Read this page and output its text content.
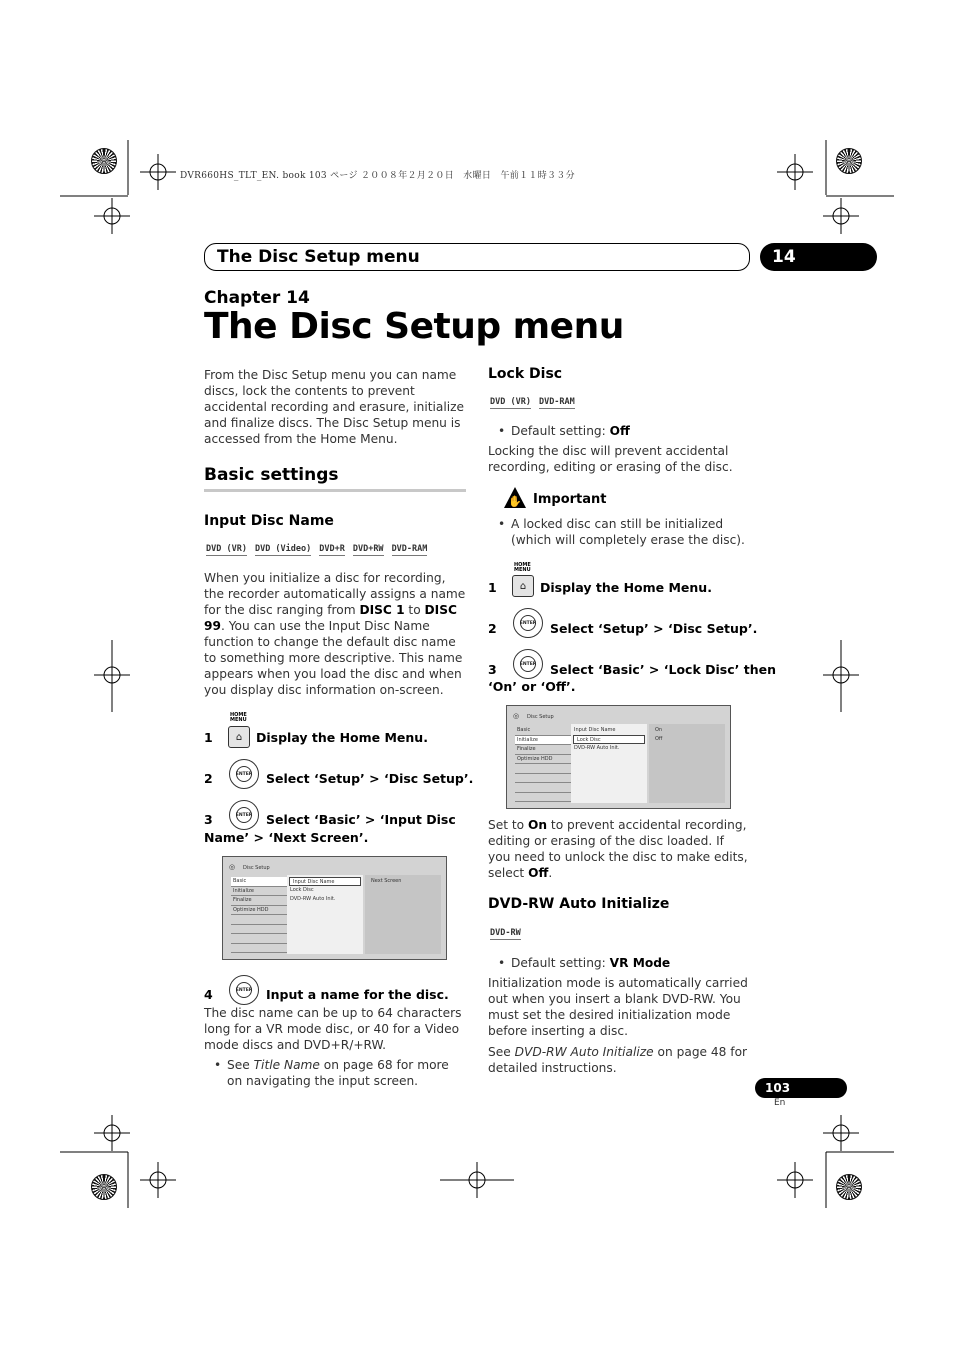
DVR660HS_TLT_EN. book 103 ページ ２００８年２月２０日　水曜日　午前１１時３３分
The Disc Setup menu	14
Chapter 14
The Disc Setup menu
From the Disc Setup menu you can name discs, lock the contents to prevent accidental recording and erasure, initialize and finalize discs. The Disc Setup menu is accessed from the Home Menu.
Basic settings
Input Disc Name
DVD (VR) DVD (Video) DVD+R DVD+RW DVD-RAM
When you initialize a disc for recording, the recorder automatically assigns a name for the disc ranging from DISC 1 to DISC 99. You can use the Input Disc Name function to change the default disc name to something more descriptive. This name appears when you load the disc and when you display disc information on-screen.
HOME MENU
⌂
1	Display the Home Menu.
ENTER
2	Select ‘Setup’ > ‘Disc Setup’.
ENTER
3	Select ‘Basic’ > ‘Input Disc
Name’ > ‘Next Screen’.
◎ Disc Setup
Basic
Initialize
Finalize
Optimize HDD
Input Disc Name
Lock Disc
DVD-RW Auto Init.
Next Screen
ENTER
4	Input a name for the disc.
The disc name can be up to 64 characters long for a VR mode disc, or 40 for a Video mode discs and DVD+R/+RW.
• See Title Name on page 68 for more on navigating the input screen.
Lock Disc
DVD (VR) DVD-RAM
• Default setting: Off
Locking the disc will prevent accidental recording, editing or erasing of the disc.
✋ Important
• A locked disc can still be initialized (which will completely erase the disc).
HOME MENU
⌂
1	Display the Home Menu.
ENTER
2	Select ‘Setup’ > ‘Disc Setup’.
ENTER
3	Select ‘Basic’ > ‘Lock Disc’ then
‘On’ or ‘Off’.
◎ Disc Setup
Basic
Initialize
Finalize
Optimize HDD
Input Disc Name
Lock Disc
DVD-RW Auto Init.
On
Off
Set to On to prevent accidental recording, editing or erasing of the disc loaded. If you need to unlock the disc to make edits, select Off.
DVD-RW Auto Initialize
DVD-RW
• Default setting: VR Mode
Initialization mode is automatically carried out when you insert a blank DVD-RW. You must set the desired initialization mode before inserting a disc.
See DVD-RW Auto Initialize on page 48 for detailed instructions.
103
En
